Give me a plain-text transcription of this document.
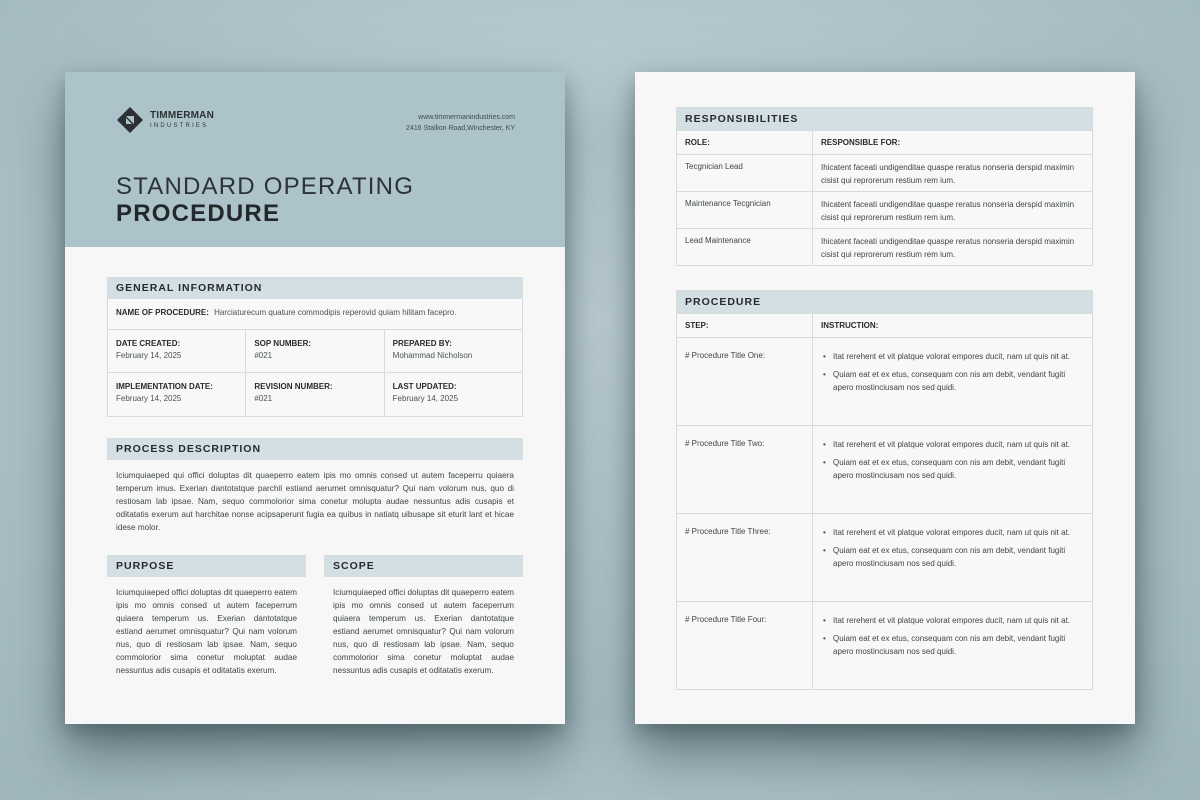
TIMMERMAN
INDUSTRIES
www.timmermanindustries.com
2416 Stallion Road,Winchester, KY
STANDARD OPERATING
PROCEDURE
GENERAL INFORMATION
NAME OF PROCEDURE: Harciaturecum quature commodipis reperovid quiam hilitam facepro.
DATE CREATED:
February 14, 2025
SOP NUMBER:
#021
PREPARED BY:
Mohammad Nicholson
IMPLEMENTATION DATE:
February 14, 2025
REVISION NUMBER:
#021
LAST UPDATED:
February 14, 2025
PROCESS DESCRIPTION
Iciumquiaeped qui offici doluptas dit quaeperro eatem ipis mo omnis consed ut autem faceperru quiaera temperum imus. Exerian dantotatque parchil estiand aerumet omnisquatur? Qui nam volorum nus, quo di restiosam lab ipsae. Nam, sequo commolorior sima conetur molupta audae nessuntus adis cusapis et oditatatis exerum aut harchitae nonse acipsaperunt fugia ea quibus in natiatq uibusape sit eturit lant et hicae idese molor.
PURPOSE
Iciumquiaeped offici doluptas dit quaeperro eatem ipis mo omnis consed ut autem faceperrum quiaera temperum us. Exerian dantotatque estiand aerumet omnisquatur? Qui nam volorum nus, quo di restiosam lab ipsae. Nam, sequo commolorior sima conetur moluptat audae nessuntus adis cusapis et oditatatis exerum.
SCOPE
Iciumquiaeped offici doluptas dit quaeperro eatem ipis mo omnis consed ut autem faceperrum quiaera temperum us. Exerian dantotatque estiand aerumet omnisquatur? Qui nam volorum nus, quo di restiosam lab ipsae. Nam, sequo commolorior sima conetur moluptat audae nessuntus adis cusapis et oditatatis exerum.
RESPONSIBILITIES
ROLE:	RESPONSIBLE FOR:
Tecgnician Lead	Ihicatent faceati undigenditae quaspe reratus nonseria derspid maximin cisist qui reprorerum restium rem ium.
Maintenance Tecgnician	Ihicatent faceati undigenditae quaspe reratus nonseria derspid maximin cisist qui reprorerum restium rem ium.
Lead Maintenance	Ihicatent faceati undigenditae quaspe reratus nonseria derspid maximin cisist qui reprorerum restium rem ium.
PROCEDURE
STEP:	INSTRUCTION:
# Procedure Title One:	• Itat rerehent et vit platque volorat empores ducit, nam ut quis nit at.
• Quiam eat et ex etus, consequam con nis am debit, vendant fugiti apero mostinciusam nos sed quidi.
# Procedure Title Two:	• Itat rerehent et vit platque volorat empores ducit, nam ut quis nit at.
• Quiam eat et ex etus, consequam con nis am debit, vendant fugiti apero mostinciusam nos sed quidi.
# Procedure Title Three:	• Itat rerehent et vit platque volorat empores ducit, nam ut quis nit at.
• Quiam eat et ex etus, consequam con nis am debit, vendant fugiti apero mostinciusam nos sed quidi.
# Procedure Title Four:	• Itat rerehent et vit platque volorat empores ducit, nam ut quis nit at.
• Quiam eat et ex etus, consequam con nis am debit, vendant fugiti apero mostinciusam nos sed quidi.
